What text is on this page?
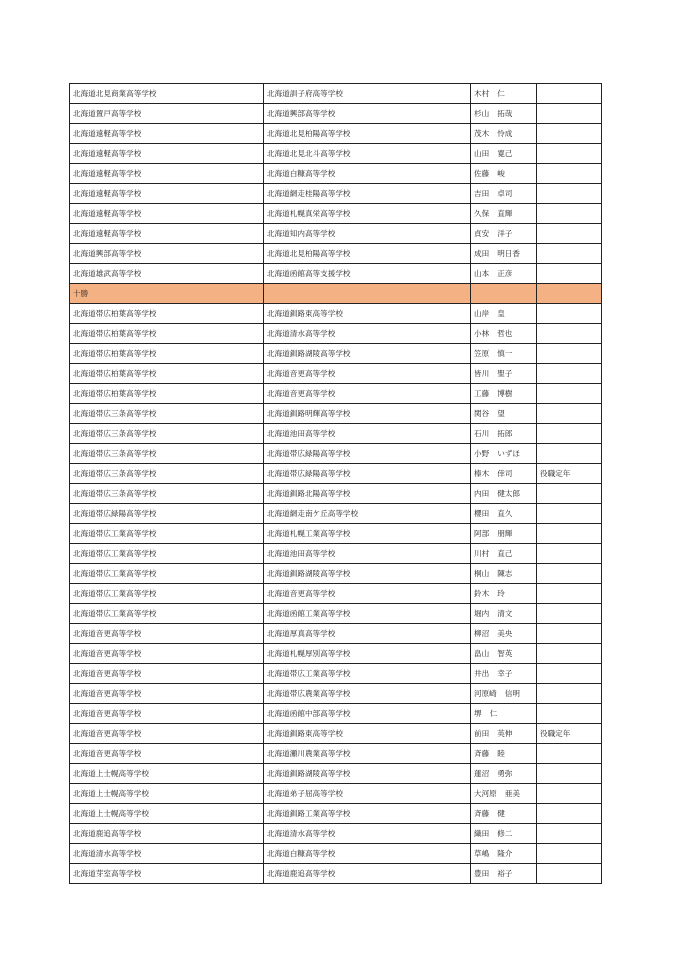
北海道北見商業高等学校	北海道訓子府高等学校	木村 仁	
北海道置戸高等学校	北海道興部高等学校	杉山 拓哉	
北海道遠軽高等学校	北海道北見柏陽高等学校	茂木 怜成	
北海道遠軽高等学校	北海道北見北斗高等学校	山田 寛己	
北海道遠軽高等学校	北海道白糠高等学校	佐藤 峻	
北海道遠軽高等学校	北海道網走桂陽高等学校	吉田 卓司	
北海道遠軽高等学校	北海道札幌真栄高等学校	久保 直輝	
北海道遠軽高等学校	北海道知内高等学校	貞安 洋子	
北海道興部高等学校	北海道北見柏陽高等学校	成田 明日香	
北海道雄武高等学校	北海道函館高等支援学校	山本 正彦	
十勝			
北海道帯広柏葉高等学校	北海道釧路東高等学校	山岸 皇	
北海道帯広柏葉高等学校	北海道清水高等学校	小林 哲也	
北海道帯広柏葉高等学校	北海道釧路湖陵高等学校	笠原 慎一	
北海道帯広柏葉高等学校	北海道音更高等学校	皆川 聖子	
北海道帯広柏葉高等学校	北海道音更高等学校	工藤 博樹	
北海道帯広三条高等学校	北海道釧路明輝高等学校	関谷 望	
北海道帯広三条高等学校	北海道池田高等学校	石川 拓郎	
北海道帯広三条高等学校	北海道帯広緑陽高等学校	小野 いずほ	
北海道帯広三条高等学校	北海道帯広緑陽高等学校	榛木 倖司	役職定年
北海道帯広三条高等学校	北海道釧路北陽高等学校	内田 健太郎	
北海道帯広緑陽高等学校	北海道網走南ケ丘高等学校	櫻田 直久	
北海道帯広工業高等学校	北海道札幌工業高等学校	阿部 朋輝	
北海道帯広工業高等学校	北海道池田高等学校	川村 直己	
北海道帯広工業高等学校	北海道釧路湖陵高等学校	桐山 陳志	
北海道帯広工業高等学校	北海道音更高等学校	鈴木 玲	
北海道帯広工業高等学校	北海道函館工業高等学校	堀内 清文	
北海道音更高等学校	北海道厚真高等学校	柳沼 美央	
北海道音更高等学校	北海道札幌厚別高等学校	畠山 智英	
北海道音更高等学校	北海道帯広工業高等学校	井出 幸子	
北海道音更高等学校	北海道帯広農業高等学校	河原崎 信明	
北海道音更高等学校	北海道函館中部高等学校	堺 仁	
北海道音更高等学校	北海道釧路東高等学校	前田 英伸	役職定年
北海道音更高等学校	北海道瀬川農業高等学校	斉藤 睦	
北海道上士幌高等学校	北海道釧路湖陵高等学校	蓮沼 勇弥	
北海道上士幌高等学校	北海道弟子屈高等学校	大河原 亜美	
北海道上士幌高等学校	北海道釧路工業高等学校	斉藤 健	
北海道鹿追高等学校	北海道清水高等学校	織田 修二	
北海道清水高等学校	北海道白糠高等学校	草嶋 隆介	
北海道芽室高等学校	北海道鹿追高等学校	豊田 裕子	
